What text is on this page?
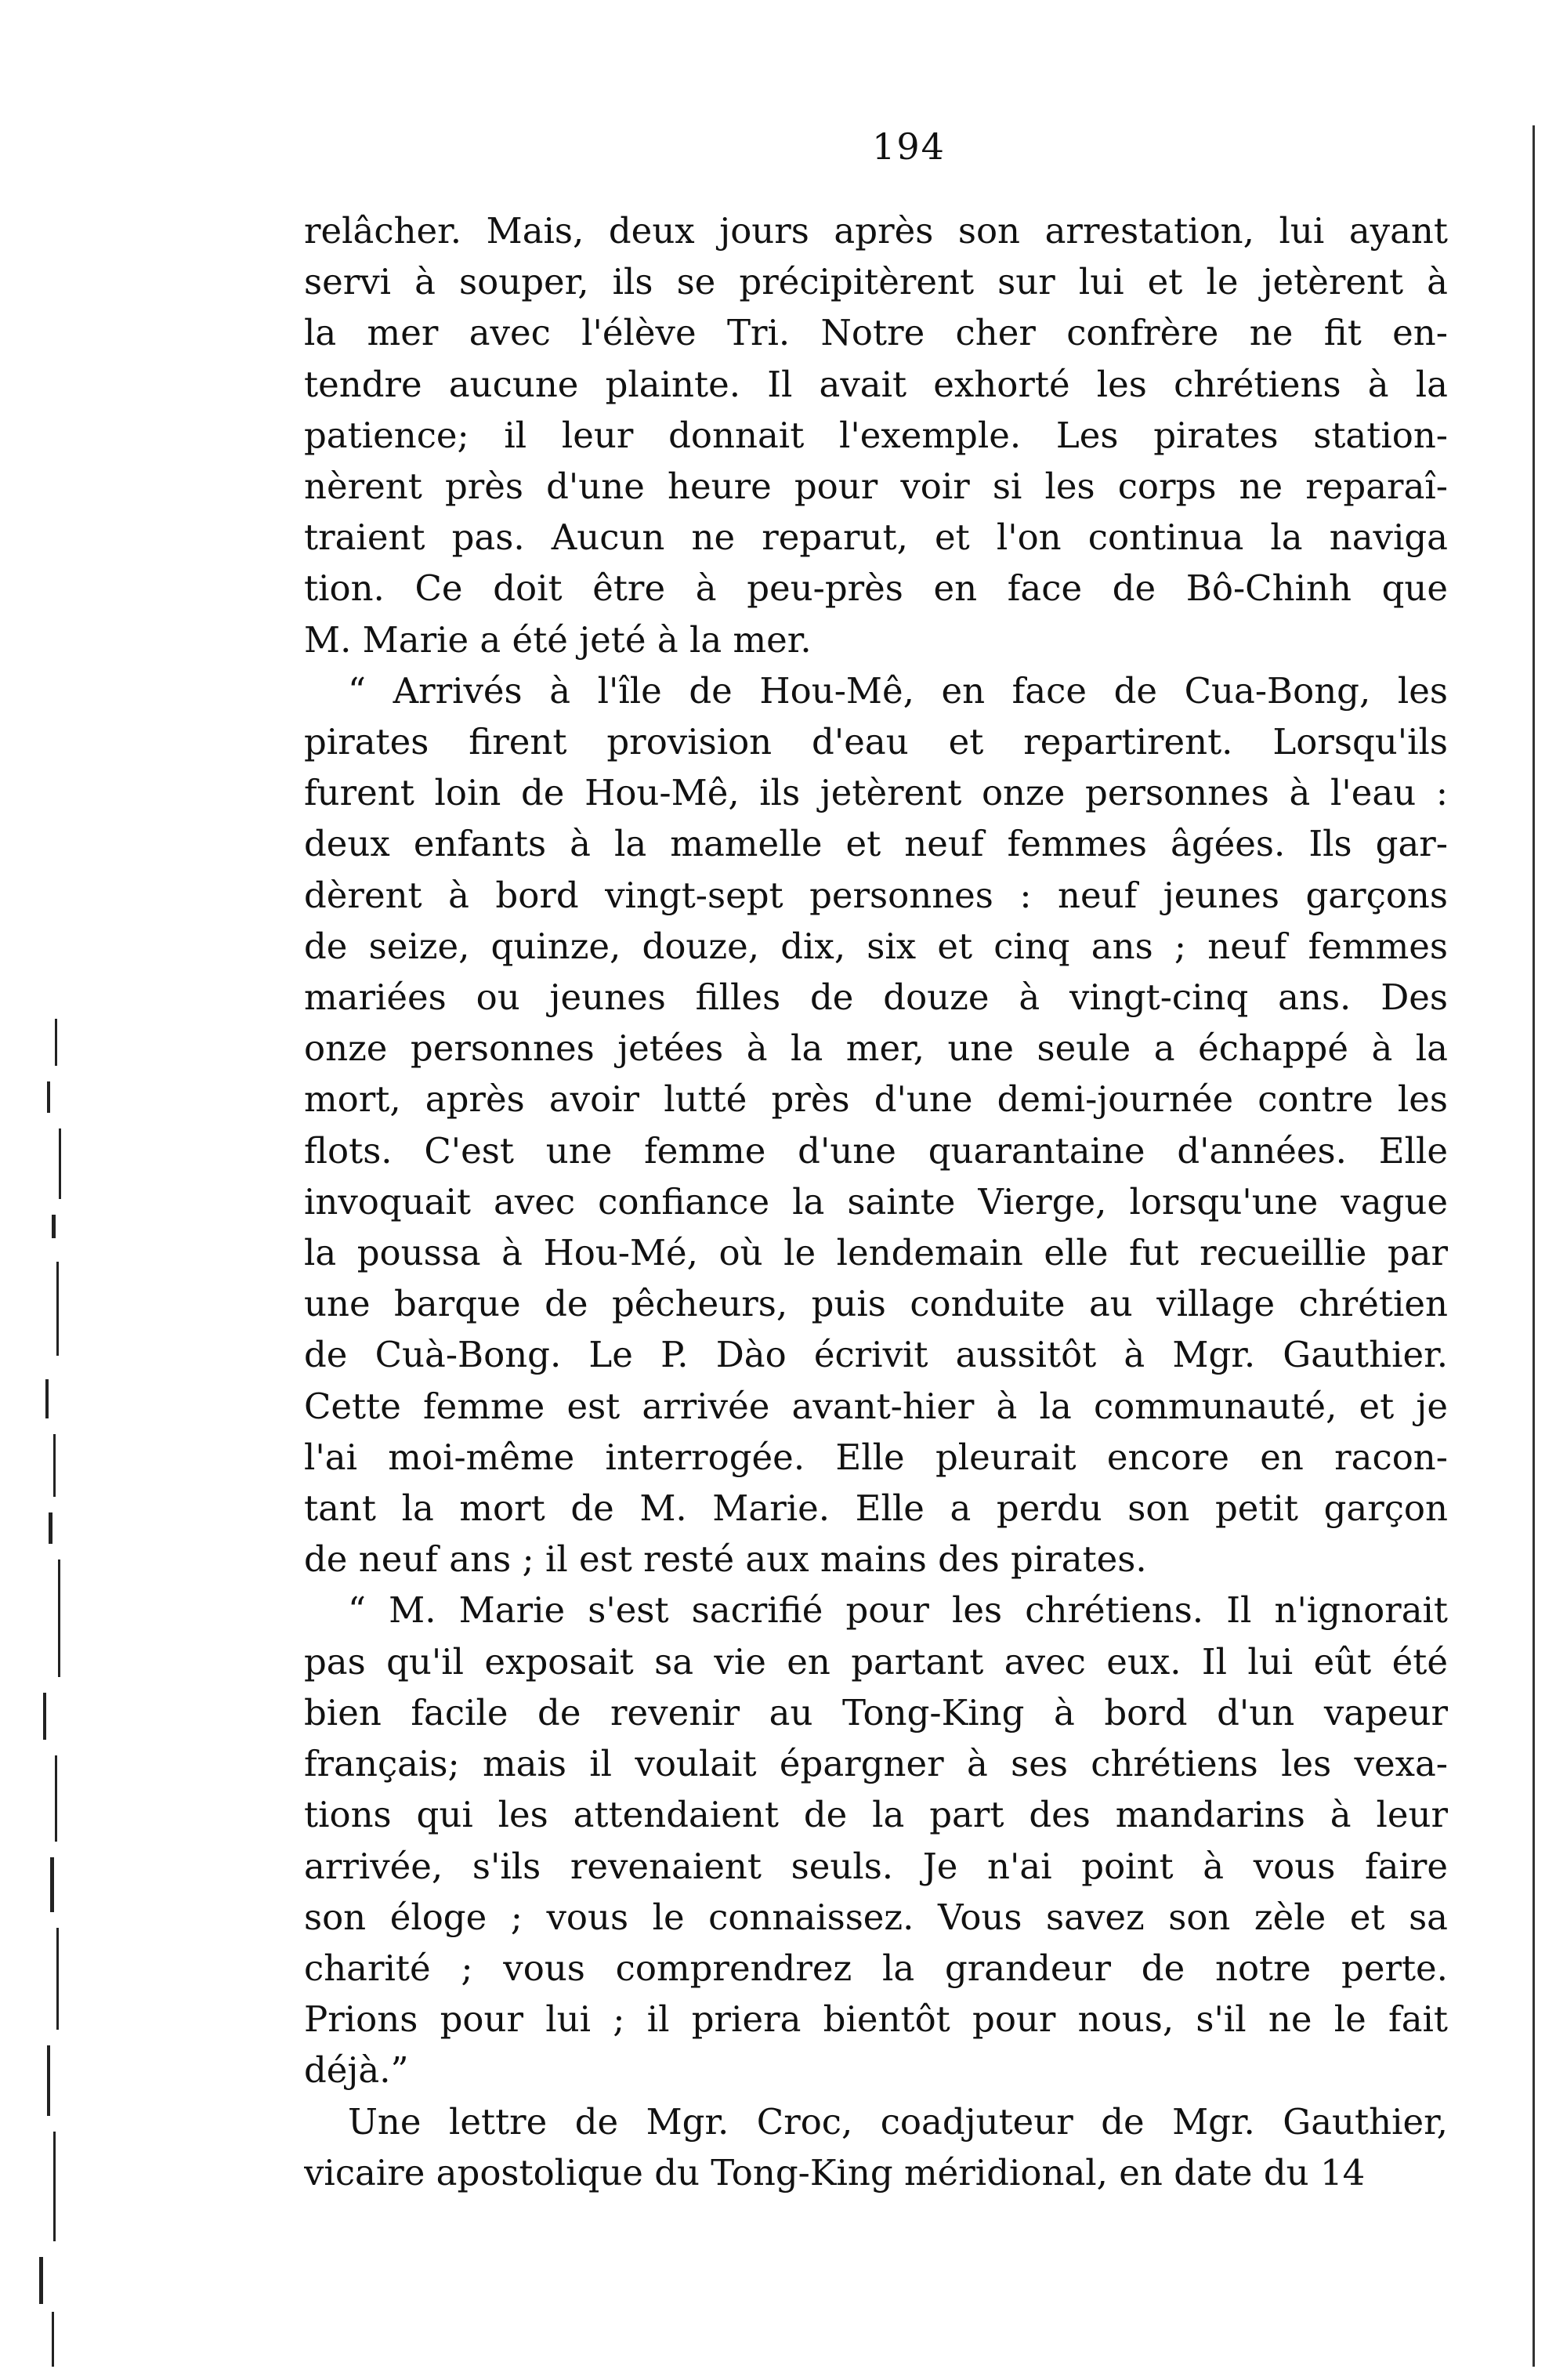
194
relâcher. Mais, deux jours après son arrestation, lui ayant
servi à souper, ils se précipitèrent sur lui et le jetèrent à
la mer avec l'élève Tri. Notre cher confrère ne fit en-
tendre aucune plainte. Il avait exhorté les chrétiens à la
patience; il leur donnait l'exemple. Les pirates station-
nèrent près d'une heure pour voir si les corps ne reparaî-
traient pas. Aucun ne reparut, et l'on continua la naviga
tion. Ce doit être à peu-près en face de Bô-Chinh que
M. Marie a été jeté à la mer.
“ Arrivés à l'île de Hou-Mê, en face de Cua-Bong, les
pirates firent provision d'eau et repartirent. Lorsqu'ils
furent loin de Hou-Mê, ils jetèrent onze personnes à l'eau :
deux enfants à la mamelle et neuf femmes âgées. Ils gar-
dèrent à bord vingt-sept personnes : neuf jeunes garçons
de seize, quinze, douze, dix, six et cinq ans ; neuf femmes
mariées ou jeunes filles de douze à vingt-cinq ans. Des
onze personnes jetées à la mer, une seule a échappé à la
mort, après avoir lutté près d'une demi-journée contre les
flots. C'est une femme d'une quarantaine d'années. Elle
invoquait avec confiance la sainte Vierge, lorsqu'une vague
la poussa à Hou-Mé, où le lendemain elle fut recueillie par
une barque de pêcheurs, puis conduite au village chrétien
de Cuà-Bong. Le P. Dào écrivit aussitôt à Mgr. Gauthier.
Cette femme est arrivée avant-hier à la communauté, et je
l'ai moi-même interrogée. Elle pleurait encore en racon-
tant la mort de M. Marie. Elle a perdu son petit garçon
de neuf ans ; il est resté aux mains des pirates.
“ M. Marie s'est sacrifié pour les chrétiens. Il n'ignorait
pas qu'il exposait sa vie en partant avec eux. Il lui eût été
bien facile de revenir au Tong-King à bord d'un vapeur
français; mais il voulait épargner à ses chrétiens les vexa-
tions qui les attendaient de la part des mandarins à leur
arrivée, s'ils revenaient seuls. Je n'ai point à vous faire
son éloge ; vous le connaissez. Vous savez son zèle et sa
charité ; vous comprendrez la grandeur de notre perte.
Prions pour lui ; il priera bientôt pour nous, s'il ne le fait
déjà.”
Une lettre de Mgr. Croc, coadjuteur de Mgr. Gauthier,
vicaire apostolique du Tong-King méridional, en date du 14
